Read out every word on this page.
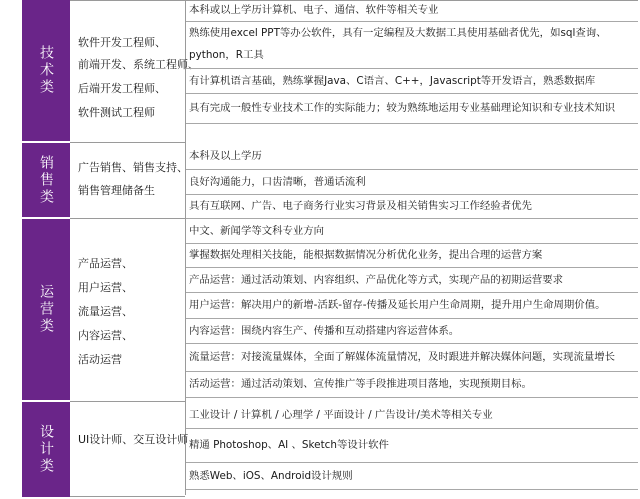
技术类
软件开发工程师、
前端开发、系统工程师、
后端开发工程师、
软件测试工程师
本科或以上学历计算机、电子、通信、软件等相关专业
熟练使用excel PPT等办公软件，具有一定编程及大数据工具使用基础者优先，如sql查询、
python，R工具
有计算机语言基础，熟练掌握Java、C语言、C++，Javascript等开发语言，熟悉数据库
具有完成一般性专业技术工作的实际能力；较为熟练地运用专业基础理论知识和专业技术知识
销售类 广告销售、销售支持、
销售管理储备生
本科及以上学历
良好沟通能力，口齿清晰，普通话流利
具有互联网、广告、电子商务行业实习背景及相关销售实习工作经验者优先
运营类
产品运营、
用户运营、
流量运营、
内容运营、
活动运营
中文、新闻学等文科专业方向
掌握数据处理相关技能，能根据数据情况分析优化业务，提出合理的运营方案
产品运营：通过活动策划、内容组织、产品优化等方式，实现产品的初期运营要求
用户运营：解决用户的新增-活跃-留存-传播及延长用户生命周期，提升用户生命周期价值。
内容运营：围绕内容生产、传播和互动搭建内容运营体系。
流量运营：对接流量媒体，全面了解媒体流量情况，及时跟进并解决媒体问题，实现流量增长
活动运营：通过活动策划、宣传推广等手段推进项目落地，实现预期目标。
设计类 UI设计师、交互设计师
工业设计 / 计算机 / 心理学 / 平面设计 / 广告设计/美术等相关专业
精通 Photoshop、AI 、Sketch等设计软件
熟悉Web、iOS、Android设计规则
